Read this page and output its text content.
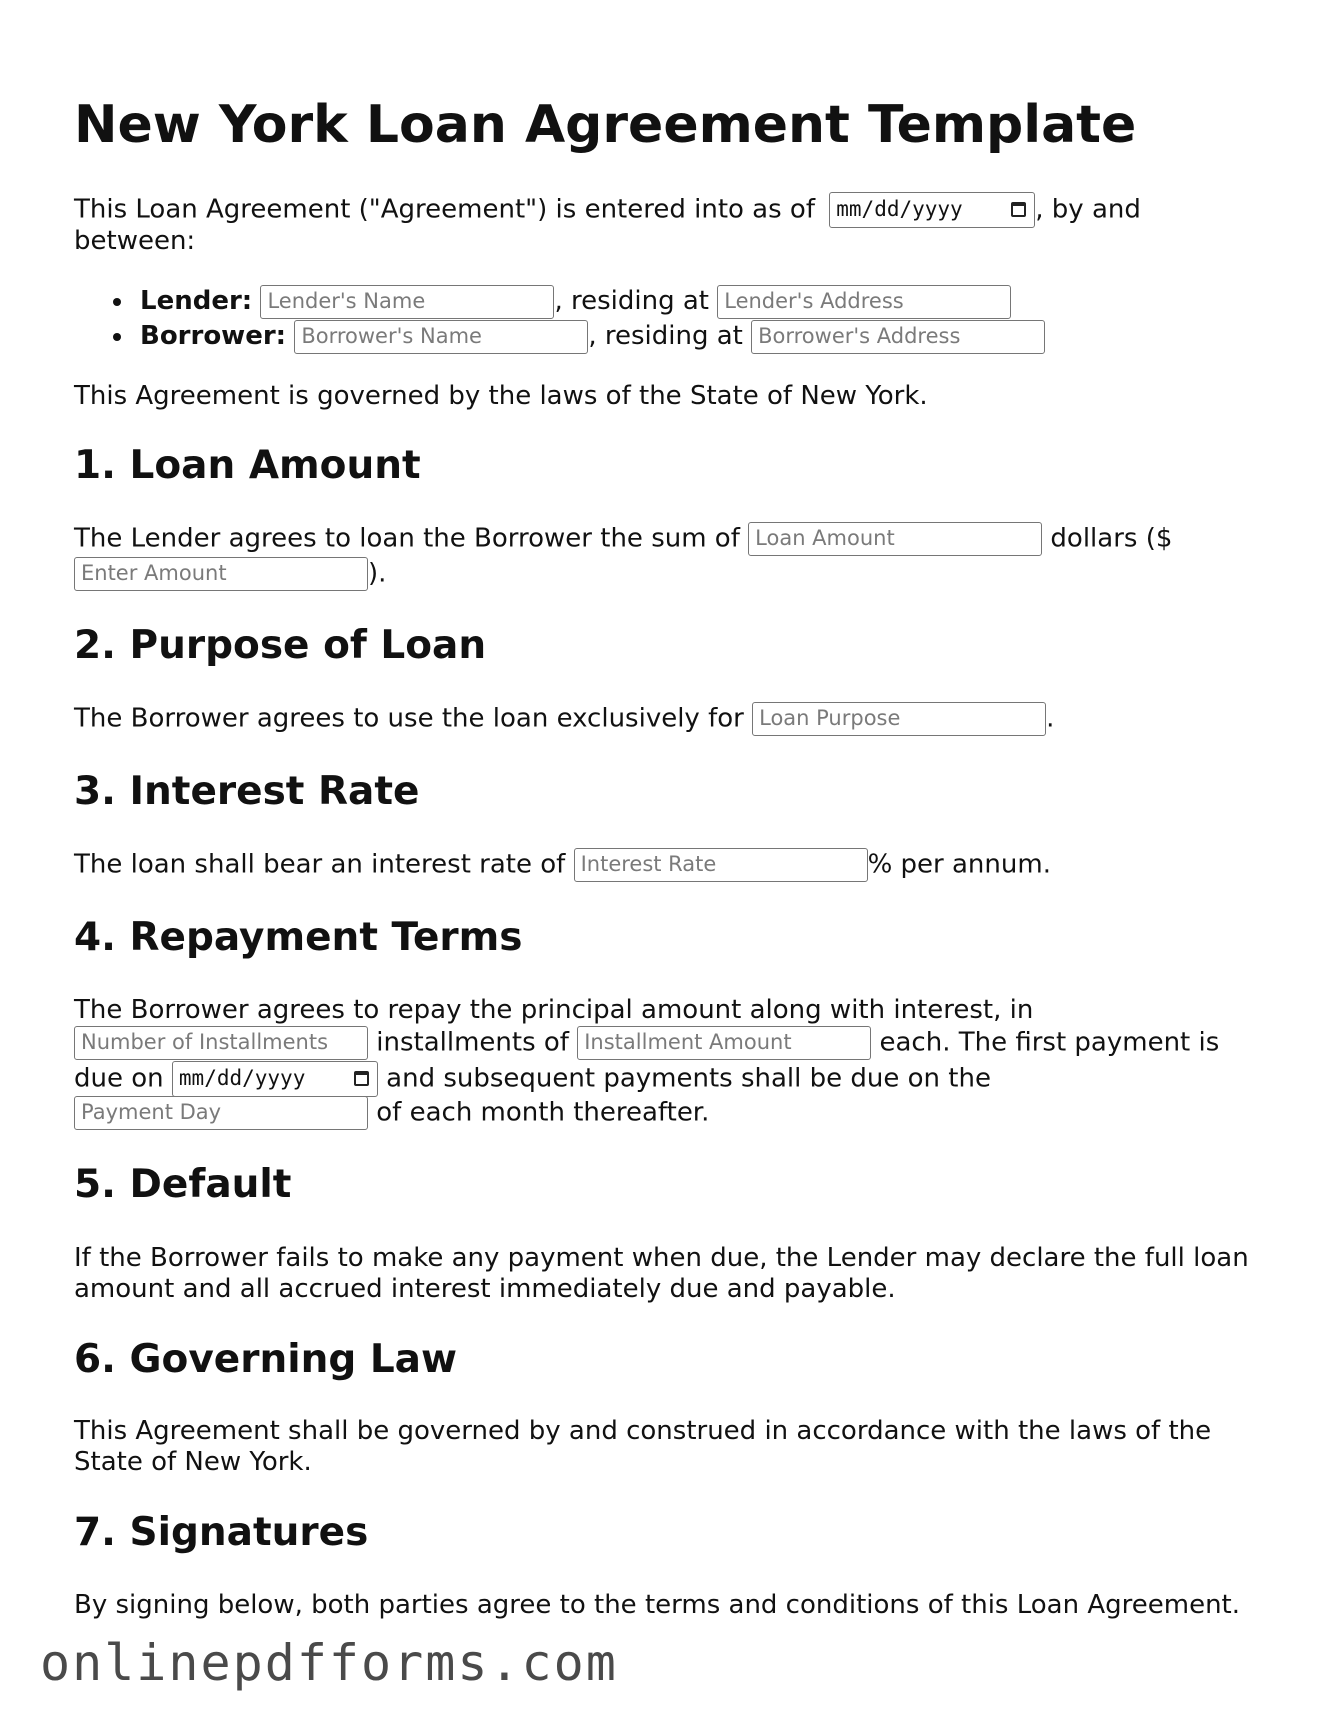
New York Loan Agreement Template
This Loan Agreement ("Agreement") is entered into as of mm/dd/yyyy	, by and
between:
Lender: Lender's Name	, residing at Lender's Address
Borrower: Borrower's Name	, residing at Borrower's Address

This Agreement is governed by the laws of the State of New York.

1. Loan Amount
The Lender agrees to loan the Borrower the sum of Loan Amount	dollars ($
Enter Amount	).
2. Purpose of Loan
The Borrower agrees to use the loan exclusively for Loan Purpose	.
3. Interest Rate
The loan shall bear an interest rate of Interest Rate	% per annum.
4. Repayment Terms
The Borrower agrees to repay the principal amount along with interest, in
Number of Installments installments of Installment Amount	each. The first payment is
due on mm/dd/yyyy	and subsequent payments shall be due on the
Payment Day	of each month thereafter.
5. Default
If the Borrower fails to make any payment when due, the Lender may declare the full loan
amount and all accrued interest immediately due and payable.
6. Governing Law
This Agreement shall be governed by and construed in accordance with the laws of the
State of New York.
7. Signatures
By signing below, both parties agree to the terms and conditions of this Loan Agreement.
onlinepdfforms.com
